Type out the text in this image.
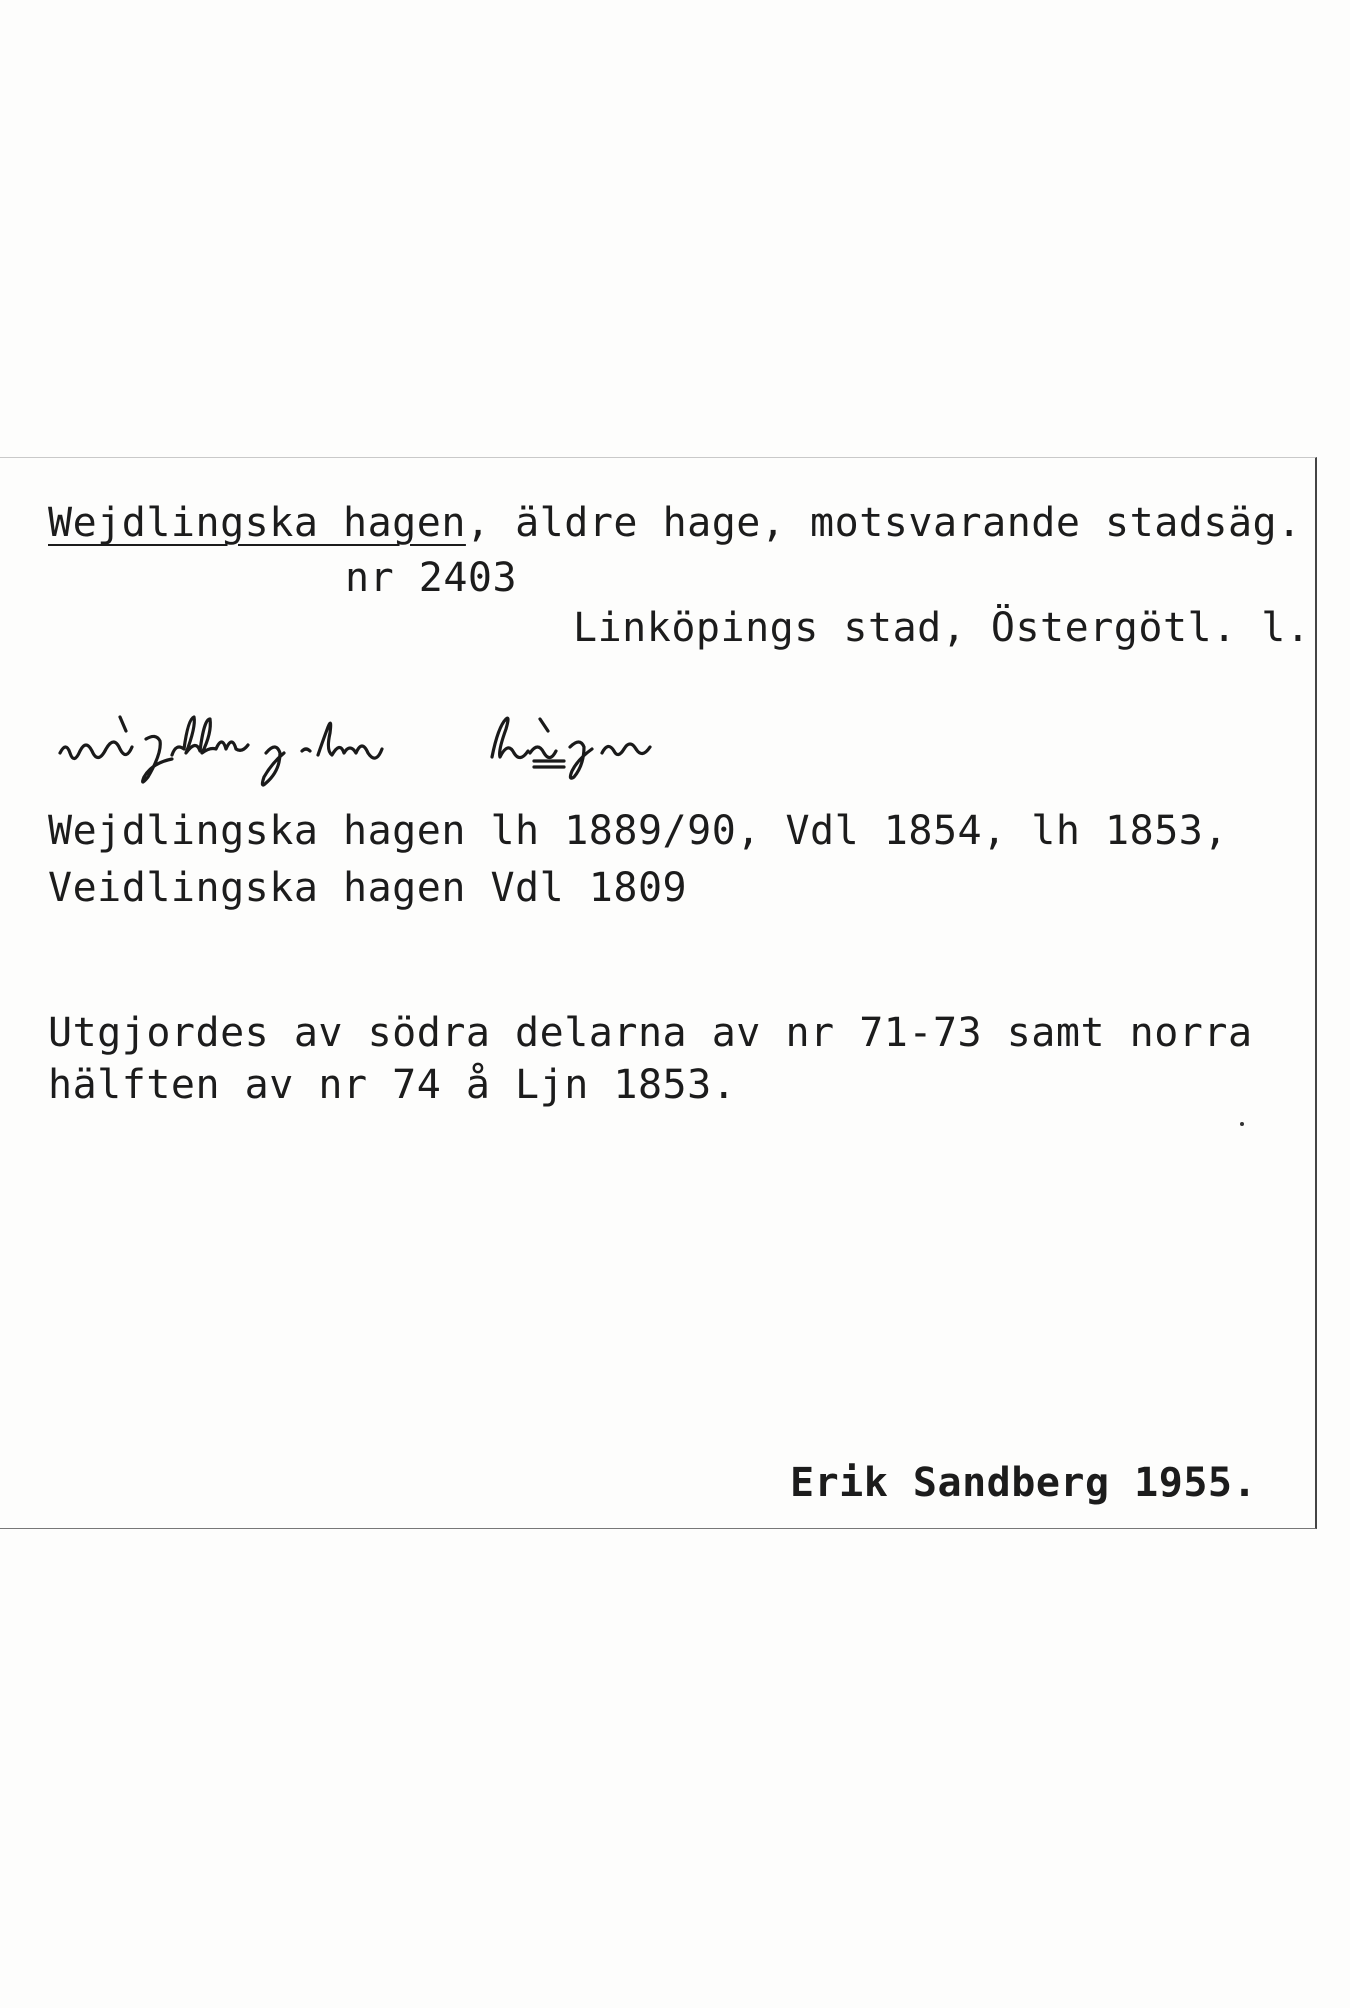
Wejdlingska hagen, äldre hage, motsvarande stadsäg.

nr 2403

Linköpings stad, Östergötl. l.

Wejdlingska hagen lh 1889/90, Vdl 1854, lh 1853,

Veidlingska hagen Vdl 1809

Utgjordes av södra delarna av nr 71-73 samt norra

hälften av nr 74 å Ljn 1853.

Erik Sandberg 1955.
